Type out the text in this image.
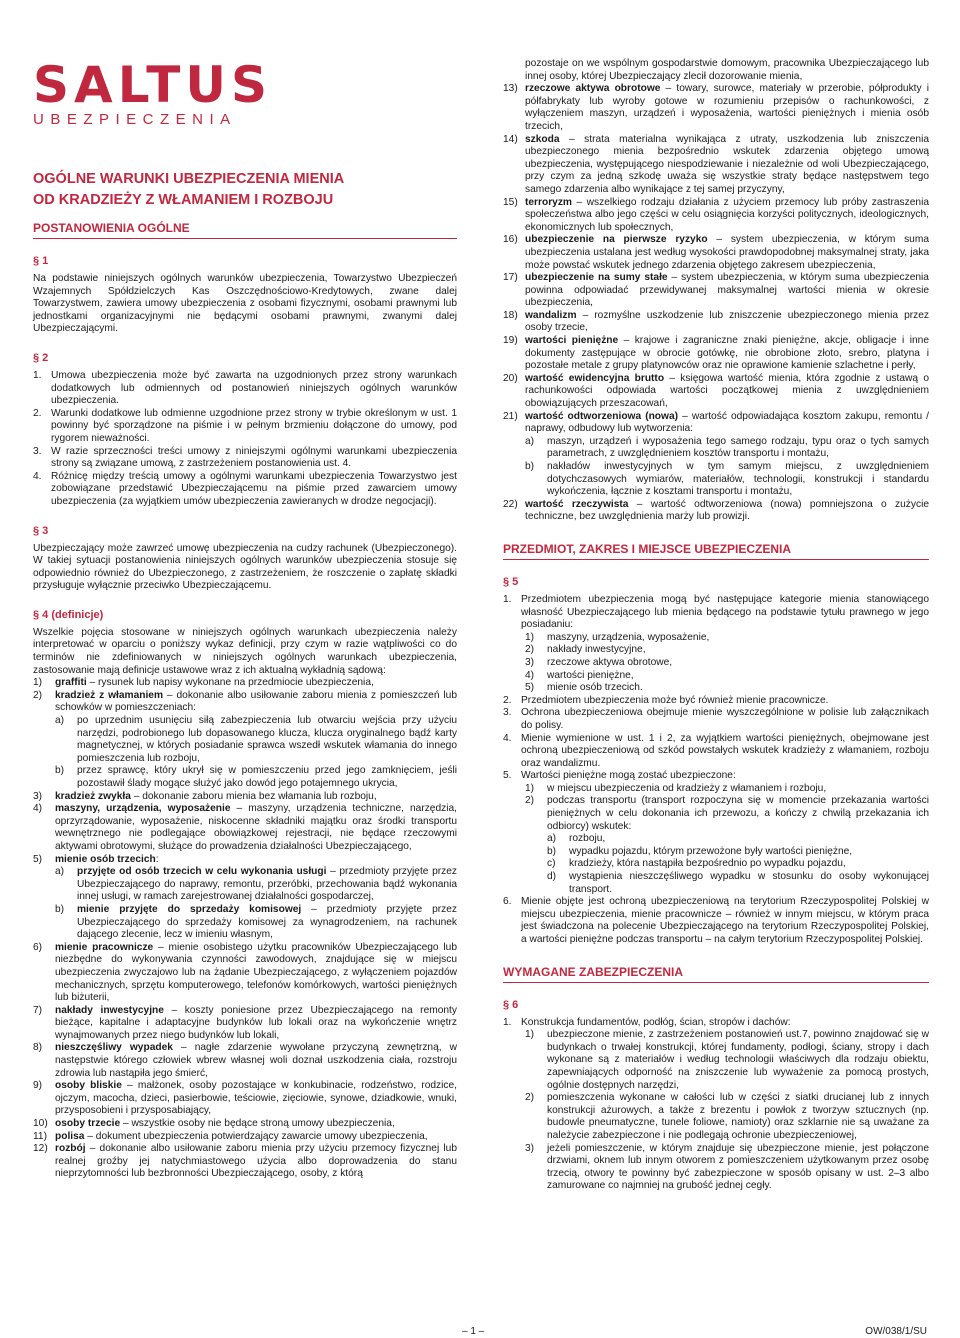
SALTUS
UBEZPIECZENIA
OGÓLNE WARUNKI UBEZPIECZENIA MIENIA
OD KRADZIEŻY Z WŁAMANIEM I ROZBOJU
POSTANOWIENIA OGÓLNE
§ 1

Na podstawie niniejszych ogólnych warunków ubezpieczenia, Towarzystwo Ubezpieczeń Wzajemnych Spółdzielczych Kas Oszczędnościowo-Kredytowych, zwane dalej Towarzystwem, zawiera umowy ubezpieczenia z osobami fizycznymi, osobami prawnymi lub jednostkami organizacyjnymi nie będącymi osobami prawnymi, zwanymi dalej Ubezpieczającymi.

§ 2
1. Umowa ubezpieczenia może być zawarta na uzgodnionych przez strony warunkach dodatkowych lub odmiennych od postanowień niniejszych ogólnych warunków ubezpieczenia.
2. Warunki dodatkowe lub odmienne uzgodnione przez strony w trybie określonym w ust. 1 powinny być sporządzone na piśmie i w pełnym brzmieniu dołączone do umowy, pod rygorem nieważności.
3. W razie sprzeczności treści umowy z niniejszymi ogólnymi warunkami ubezpieczenia strony są związane umową, z zastrzeżeniem postanowienia ust. 4.
4. Różnicę między treścią umowy a ogólnymi warunkami ubezpieczenia Towarzystwo jest zobowiązane przedstawić Ubezpieczającemu na piśmie przed zawarciem umowy ubezpieczenia (za wyjątkiem umów ubezpieczenia zawieranych w drodze negocjacji).
§ 3

Ubezpieczający może zawrzeć umowę ubezpieczenia na cudzy rachunek (Ubezpieczonego). W takiej sytuacji postanowienia niniejszych ogólnych warunków ubezpieczenia stosuje się odpowiednio również do Ubezpieczonego, z zastrzeżeniem, że roszczenie o zapłatę składki przysługuje wyłącznie przeciwko Ubezpieczającemu.

§ 4 (definicje)

Wszelkie pojęcia stosowane w niniejszych ogólnych warunkach ubezpieczenia należy interpretować w oparciu o poniższy wykaz definicji, przy czym w razie wątpliwości co do terminów nie zdefiniowanych w niniejszych ogólnych warunkach ubezpieczenia, zastosowanie mają definicje ustawowe wraz z ich aktualną wykładnią sądową:

1)	graffiti – rysunek lub napisy wykonane na przedmiocie ubezpieczenia,
2)	kradzież z włamaniem – dokonanie albo usiłowanie zaboru mienia z pomieszczeń lub schowków w pomieszczeniach:
a)	po uprzednim usunięciu siłą zabezpieczenia lub otwarciu wejścia przy użyciu narzędzi, podrobionego lub dopasowanego klucza, klucza oryginalnego bądź karty magnetycznej, w których posiadanie sprawca wszedł wskutek włamania do innego pomieszczenia lub rozboju,
b)	przez sprawcę, który ukrył się w pomieszczeniu przed jego zamknięciem, jeśli pozostawił ślady mogące służyć jako dowód jego potajemnego ukrycia,
3)	kradzież zwykła – dokonanie zaboru mienia bez włamania lub rozboju,
4)	maszyny, urządzenia, wyposażenie – maszyny, urządzenia techniczne, narzędzia, oprzyrządowanie, wyposażenie, niskocenne składniki majątku oraz środki transportu wewnętrznego nie podlegające obowiązkowej rejestracji, nie będące rzeczowymi aktywami obrotowymi, służące do prowadzenia działalności Ubezpieczającego,
5)	mienie osób trzecich:
a)	przyjęte od osób trzecich w celu wykonania usługi – przedmioty przyjęte przez Ubezpieczającego do naprawy, remontu, przeróbki, przechowania bądź wykonania innej usługi, w ramach zarejestrowanej działalności gospodarczej,
b)	mienie przyjęte do sprzedaży komisowej – przedmioty przyjęte przez Ubezpieczającego do sprzedaży komisowej za wynagrodzeniem, na rachunek dającego zlecenie, lecz w imieniu własnym,
6)	mienie pracownicze – mienie osobistego użytku pracowników Ubezpieczającego lub niezbędne do wykonywania czynności zawodowych, znajdujące się w miejscu ubezpieczenia zwyczajowo lub na żądanie Ubezpieczającego, z wyłączeniem pojazdów mechanicznych, sprzętu komputerowego, telefonów komórkowych, wartości pieniężnych lub biżuterii,
7)	nakłady inwestycyjne – koszty poniesione przez Ubezpieczającego na remonty bieżące, kapitalne i adaptacyjne budynków lub lokali oraz na wykończenie wnętrz wynajmowanych przez niego budynków lub lokali,
8)	nieszczęśliwy wypadek – nagłe zdarzenie wywołane przyczyną zewnętrzną, w następstwie którego człowiek wbrew własnej woli doznał uszkodzenia ciała, rozstroju zdrowia lub nastąpiła jego śmierć,
9)	osoby bliskie – małżonek, osoby pozostające w konkubinacie, rodzeństwo, rodzice, ojczym, macocha, dzieci, pasierbowie, teściowie, zięciowie, synowe, dziadkowie, wnuki, przysposobieni i przysposabiający,
10) osoby trzecie – wszystkie osoby nie będące stroną umowy ubezpieczenia,
11) polisa – dokument ubezpieczenia potwierdzający zawarcie umowy ubezpieczenia,
12) rozbój – dokonanie albo usiłowanie zaboru mienia przy użyciu przemocy fizycznej lub realnej groźby jej natychmiastowego użycia albo doprowadzenia do stanu nieprzytomności lub bezbronności Ubezpieczającego, osoby, z którą
pozostaje on we wspólnym gospodarstwie domowym, pracownika Ubezpieczającego lub innej osoby, której Ubezpieczający zlecił dozorowanie mienia,
13) rzeczowe aktywa obrotowe – towary, surowce, materiały w przerobie, półprodukty i półfabrykaty lub wyroby gotowe w rozumieniu przepisów o rachunkowości, z wyłączeniem maszyn, urządzeń i wyposażenia, wartości pieniężnych i mienia osób trzecich,
14) szkoda – strata materialna wynikająca z utraty, uszkodzenia lub zniszczenia ubezpieczonego mienia bezpośrednio wskutek zdarzenia objętego umową ubezpieczenia, występującego niespodziewanie i niezależnie od woli Ubezpieczającego, przy czym za jedną szkodę uważa się wszystkie straty będące następstwem tego samego zdarzenia albo wynikające z tej samej przyczyny,
15) terroryzm – wszelkiego rodzaju działania z użyciem przemocy lub próby zastraszenia społeczeństwa albo jego części w celu osiągnięcia korzyści politycznych, ideologicznych, ekonomicznych lub społecznych,
16) ubezpieczenie na pierwsze ryzyko – system ubezpieczenia, w którym suma ubezpieczenia ustalana jest według wysokości prawdopodobnej maksymalnej straty, jaka może powstać wskutek jednego zdarzenia objętego zakresem ubezpieczenia,
17) ubezpieczenie na sumy stałe – system ubezpieczenia, w którym suma ubezpieczenia powinna odpowiadać przewidywanej maksymalnej wartości mienia w okresie ubezpieczenia,
18) wandalizm – rozmyślne uszkodzenie lub zniszczenie ubezpieczonego mienia przez osoby trzecie,
19) wartości pieniężne – krajowe i zagraniczne znaki pieniężne, akcje, obligacje i inne dokumenty zastępujące w obrocie gotówkę, nie obrobione złoto, srebro, platyna i pozostałe metale z grupy platynowców oraz nie oprawione kamienie szlachetne i perły,
20) wartość ewidencyjna brutto – księgowa wartość mienia, która zgodnie z ustawą o rachunkowości odpowiada wartości początkowej mienia z uwzględnieniem obowiązujących przeszacowań,
21) wartość odtworzeniowa (nowa) – wartość odpowiadająca kosztom zakupu, remontu / naprawy, odbudowy lub wytworzenia:
a)	maszyn, urządzeń i wyposażenia tego samego rodzaju, typu oraz o tych samych parametrach, z uwzględnieniem kosztów transportu i montażu,
b)	nakładów inwestycyjnych w tym samym miejscu, z uwzględnieniem dotychczasowych wymiarów, materiałów, technologii, konstrukcji i standardu wykończenia, łącznie z kosztami transportu i montażu,
22) wartość rzeczywista – wartość odtworzeniowa (nowa) pomniejszona o zużycie techniczne, bez uwzględnienia marży lub prowizji.
PRZEDMIOT, ZAKRES I MIEJSCE UBEZPIECZENIA
§ 5
1. Przedmiotem ubezpieczenia mogą być następujące kategorie mienia stanowiącego własność Ubezpieczającego lub mienia będącego na podstawie tytułu prawnego w jego posiadaniu:
1)	maszyny, urządzenia, wyposażenie,
2)	nakłady inwestycyjne,
3)	rzeczowe aktywa obrotowe,
4)	wartości pieniężne,
5)	mienie osób trzecich.
2. Przedmiotem ubezpieczenia może być również mienie pracownicze.
3. Ochrona ubezpieczeniowa obejmuje mienie wyszczególnione w polisie lub załącznikach do polisy.
4. Mienie wymienione w ust. 1 i 2, za wyjątkiem wartości pieniężnych, obejmowane jest ochroną ubezpieczeniową od szkód powstałych wskutek kradzieży z włamaniem, rozboju oraz wandalizmu.
5. Wartości pieniężne mogą zostać ubezpieczone:
1)	w miejscu ubezpieczenia od kradzieży z włamaniem i rozboju,
2)	podczas transportu (transport rozpoczyna się w momencie przekazania wartości pieniężnych w celu dokonania ich przewozu, a kończy z chwilą przekazania ich odbiorcy) wskutek:
a)	rozboju,
b)	wypadku pojazdu, którym przewożone były wartości pieniężne,
c)	kradzieży, która nastąpiła bezpośrednio po wypadku pojazdu,
d)	wystąpienia nieszczęśliwego wypadku w stosunku do osoby wykonującej transport.
6. Mienie objęte jest ochroną ubezpieczeniową na terytorium Rzeczypospolitej Polskiej w miejscu ubezpieczenia, mienie pracownicze – również w innym miejscu, w którym praca jest świadczona na polecenie Ubezpieczającego na terytorium Rzeczypospolitej Polskiej, a wartości pieniężne podczas transportu – na całym terytorium Rzeczypospolitej Polskiej.
WYMAGANE ZABEZPIECZENIA
§ 6
1. Konstrukcja fundamentów, podłóg, ścian, stropów i dachów:
1)	ubezpieczone mienie, z zastrzeżeniem postanowień ust.7, powinno znajdować się w budynkach o trwałej konstrukcji, której fundamenty, podłogi, ściany, stropy i dach wykonane są z materiałów i według technologii właściwych dla rodzaju obiektu, zapewniających odporność na zniszczenie lub wyważenie za pomocą prostych, ogólnie dostępnych narzędzi,
2)	pomieszczenia wykonane w całości lub w części z siatki drucianej lub z innych konstrukcji ażurowych, a także z brezentu i powłok z tworzyw sztucznych (np. budowle pneumatyczne, tunele foliowe, namioty) oraz szklarnie nie są uważane za należycie zabezpieczone i nie podlegają ochronie ubezpieczeniowej,
3)	jeżeli pomieszczenie, w którym znajduje się ubezpieczone mienie, jest połączone drzwiami, oknem lub innym otworem z pomieszczeniem użytkowanym przez osobę trzecią, otwory te powinny być zabezpieczone w sposób opisany w ust. 2–3 albo zamurowane co najmniej na grubość jednej cegły.
– 1 –	OW/038/1/SU
